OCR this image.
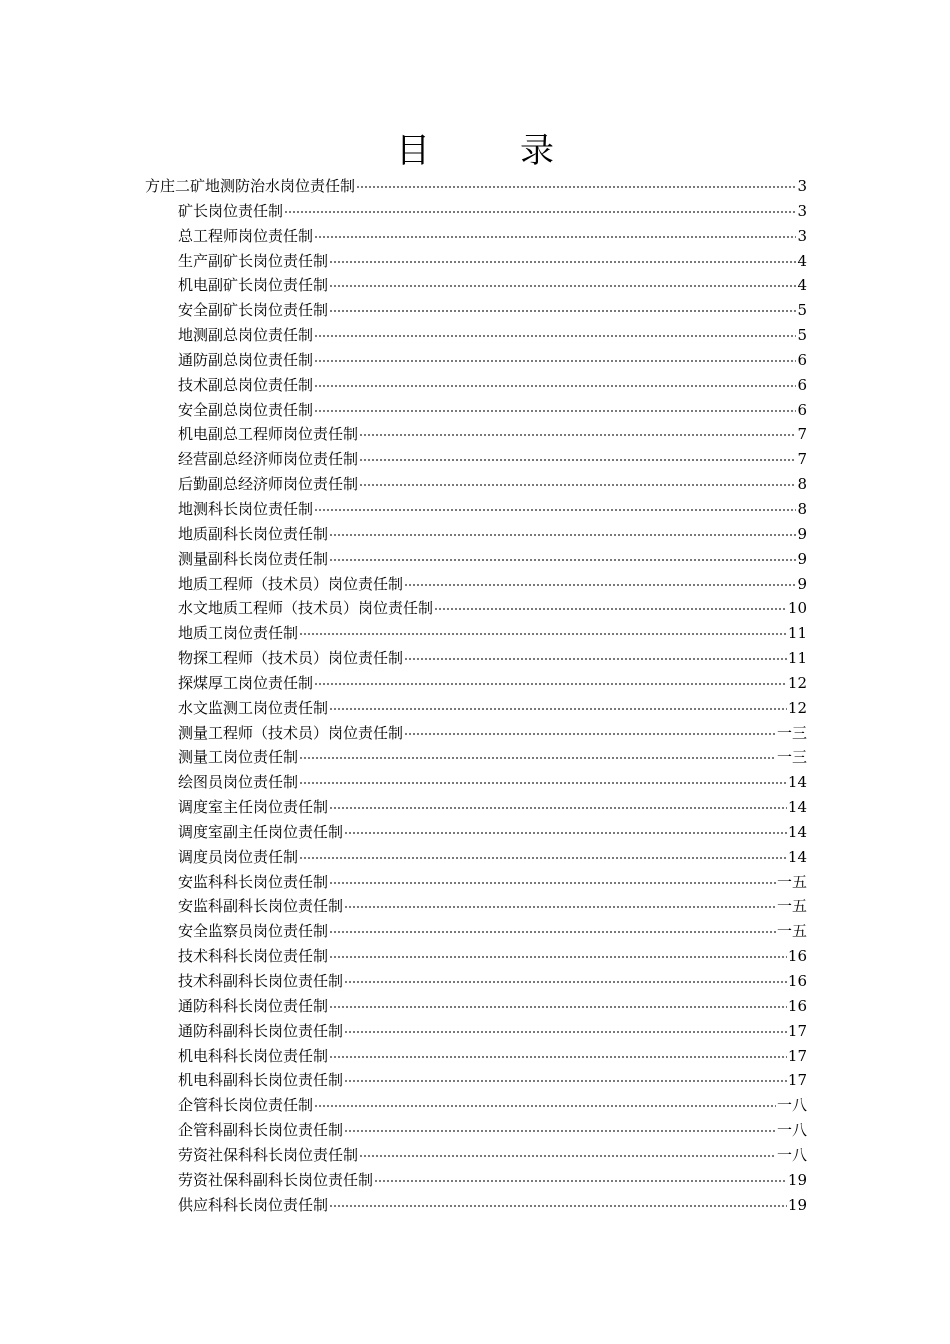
目　录
方庄二矿地测防治水岗位责任制	3
矿长岗位责任制	3
总工程师岗位责任制	3
生产副矿长岗位责任制	4
机电副矿长岗位责任制	4
安全副矿长岗位责任制	5
地测副总岗位责任制	5
通防副总岗位责任制	6
技术副总岗位责任制	6
安全副总岗位责任制	6
机电副总工程师岗位责任制	7
经营副总经济师岗位责任制	7
后勤副总经济师岗位责任制	8
地测科长岗位责任制	8
地质副科长岗位责任制	9
测量副科长岗位责任制	9
地质工程师（技术员）岗位责任制	9
水文地质工程师（技术员）岗位责任制	10
地质工岗位责任制	11
物探工程师（技术员）岗位责任制	11
探煤厚工岗位责任制	12
水文监测工岗位责任制	12
测量工程师（技术员）岗位责任制	一三
测量工岗位责任制	一三
绘图员岗位责任制	14
调度室主任岗位责任制	14
调度室副主任岗位责任制	14
调度员岗位责任制	14
安监科科长岗位责任制	一五
安监科副科长岗位责任制	一五
安全监察员岗位责任制	一五
技术科科长岗位责任制	16
技术科副科长岗位责任制	16
通防科科长岗位责任制	16
通防科副科长岗位责任制	17
机电科科长岗位责任制	17
机电科副科长岗位责任制	17
企管科长岗位责任制	一八
企管科副科长岗位责任制	一八
劳资社保科科长岗位责任制	一八
劳资社保科副科长岗位责任制	19
供应科科长岗位责任制	19
